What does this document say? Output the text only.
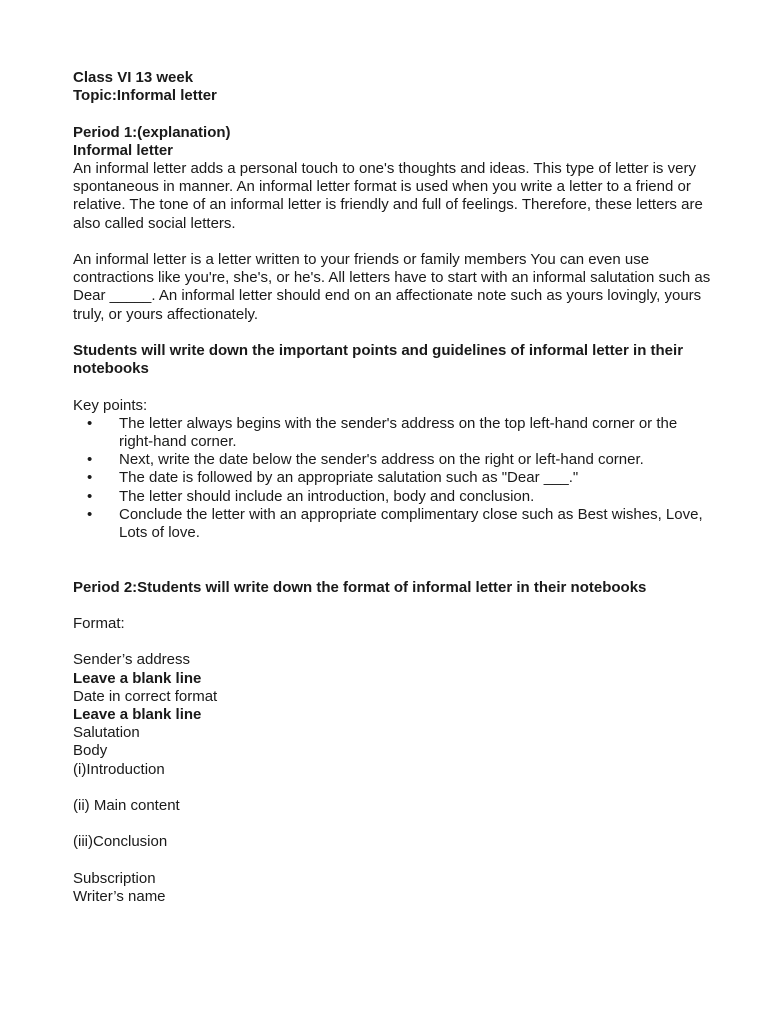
Class VI 13 week

Topic:Informal letter

Period 1:(explanation)

Informal letter

An informal letter adds a personal touch to one's thoughts and ideas. This type of letter is very spontaneous in manner. An informal letter format is used when you write a letter to a friend or relative. The tone of an informal letter is friendly and full of feelings. Therefore, these letters are also called social letters.

An informal letter is a letter written to your friends or family members You can even use contractions like you're, she's, or he's. All letters have to start with an informal salutation such as Dear _____. An informal letter should end on an affectionate note such as yours lovingly, yours truly, or yours affectionately.

Students will write down the important points and guidelines of informal letter in their notebooks

Key points:

• The letter always begins with the sender's address on the top left-hand corner or the right-hand corner.
• Next, write the date below the sender's address on the right or left-hand corner.
• The date is followed by an appropriate salutation such as "Dear ___."
• The letter should include an introduction, body and conclusion.
• Conclude the letter with an appropriate complimentary close such as Best wishes, Love, Lots of love.

Period 2:Students will write down the format of informal letter in their notebooks

Format:

Sender’s address

Leave a blank line

Date in correct format

Leave a blank line

Salutation

Body

(i)Introduction

(ii) Main content

(iii)Conclusion

Subscription

Writer’s name
